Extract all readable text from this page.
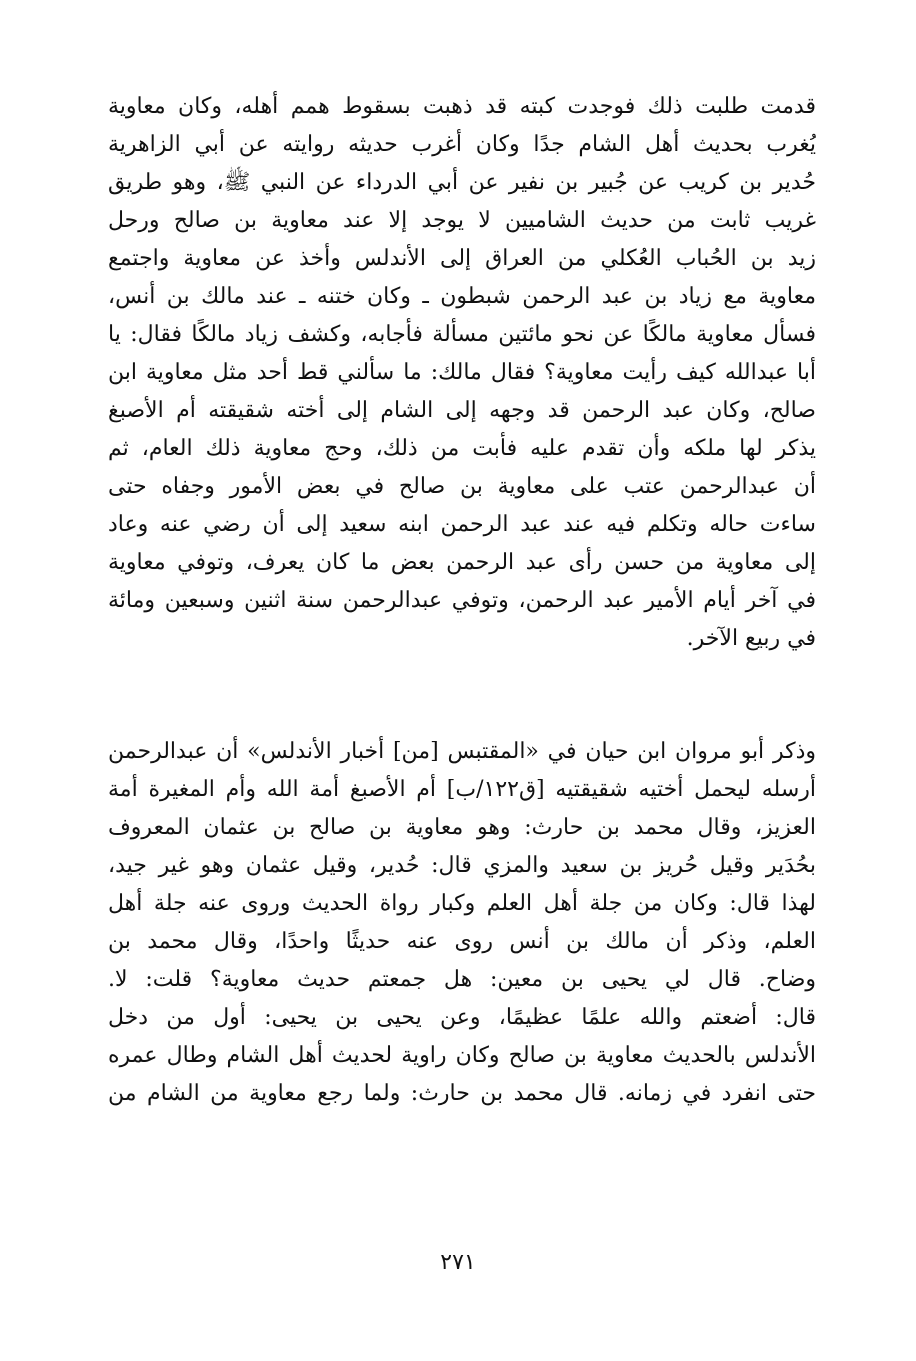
قدمت طلبت ذلك فوجدت كبته قد ذهبت بسقوط همم أهله، وكان معاوية
يُغرب بحديث أهل الشام جدًا وكان أغرب حديثه روايته عن أبي الزاهرية
حُدير بن كريب عن جُبير بن نفير عن أبي الدرداء عن النبي ﷺ، وهو طريق
غريب ثابت من حديث الشاميين لا يوجد إلا عند معاوية بن صالح ورحل
زيد بن الحُباب العُكلي من العراق إلى الأندلس وأخذ عن معاوية واجتمع
معاوية مع زياد بن عبد الرحمن شبطون ـ وكان ختنه ـ عند مالك بن أنس،
فسأل معاوية مالكًا عن نحو مائتين مسألة فأجابه، وكشف زياد مالكًا فقال: يا
أبا عبدالله كيف رأيت معاوية؟ فقال مالك: ما سألني قط أحد مثل معاوية ابن
صالح، وكان عبد الرحمن قد وجهه إلى الشام إلى أخته شقيقته أم الأصبغ
يذكر لها ملكه وأن تقدم عليه فأبت من ذلك، وحج معاوية ذلك العام، ثم
أن عبدالرحمن عتب على معاوية بن صالح في بعض الأمور وجفاه حتى
ساءت حاله وتكلم فيه عند عبد الرحمن ابنه سعيد إلى أن رضي عنه وعاد
إلى معاوية من حسن رأى عبد الرحمن بعض ما كان يعرف، وتوفي معاوية
في آخر أيام الأمير عبد الرحمن، وتوفي عبدالرحمن سنة اثنين وسبعين ومائة
في ربيع الآخر.
وذكر أبو مروان ابن حيان في «المقتبس [من] أخبار الأندلس» أن عبدالرحمن
أرسله ليحمل أختيه شقيقتيه [ق١٢٢/ب] أم الأصبغ أمة الله وأم المغيرة أمة
العزيز، وقال محمد بن حارث: وهو معاوية بن صالح بن عثمان المعروف
بحُدَير وقيل حُريز بن سعيد والمزي قال: حُدير، وقيل عثمان وهو غير جيد،
لهذا قال: وكان من جلة أهل العلم وكبار رواة الحديث وروى عنه جلة أهل
العلم، وذكر أن مالك بن أنس روى عنه حديثًا واحدًا، وقال محمد بن
وضاح. قال لي يحيى بن معين: هل جمعتم حديث معاوية؟ قلت: لا.
قال: أضعتم والله علمًا عظيمًا، وعن يحيى بن يحيى: أول من دخل
الأندلس بالحديث معاوية بن صالح وكان راوية لحديث أهل الشام وطال عمره
حتى انفرد في زمانه. قال محمد بن حارث: ولما رجع معاوية من الشام من
٢٧١
